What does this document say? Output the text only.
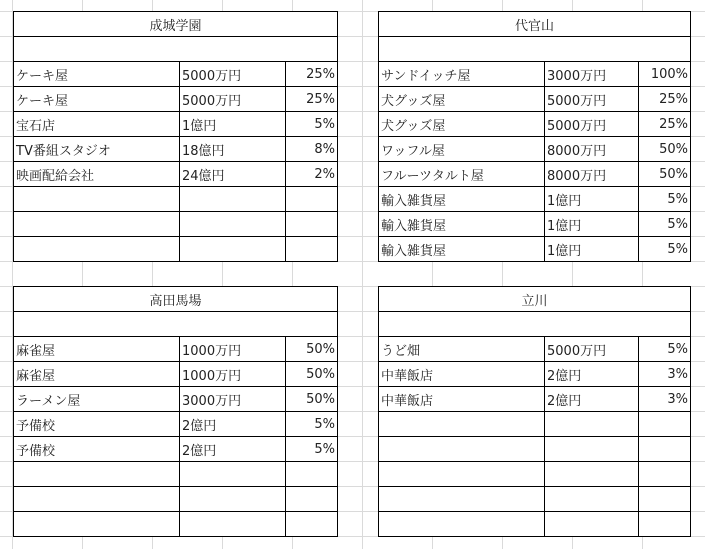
成城学園		

ケーキ屋	5000万円	25%
ケーキ屋	5000万円	25%
宝石店	1億円	5%
TV番組スタジオ	18億円	8%
映画配給会社	24億円	2%

代官山		

サンドイッチ屋	3000万円	100%
犬グッズ屋	5000万円	25%
犬グッズ屋	5000万円	25%
ワッフル屋	8000万円	50%
フルーツタルト屋	8000万円	50%
輸入雑貨屋	1億円	5%
輸入雑貨屋	1億円	5%
輸入雑貨屋	1億円	5%
高田馬場		

麻雀屋	1000万円	50%
麻雀屋	1000万円	50%
ラーメン屋	3000万円	50%
予備校	2億円	5%
予備校	2億円	5%

立川		

うど畑	5000万円	5%
中華飯店	2億円	3%
中華飯店	2億円	3%
